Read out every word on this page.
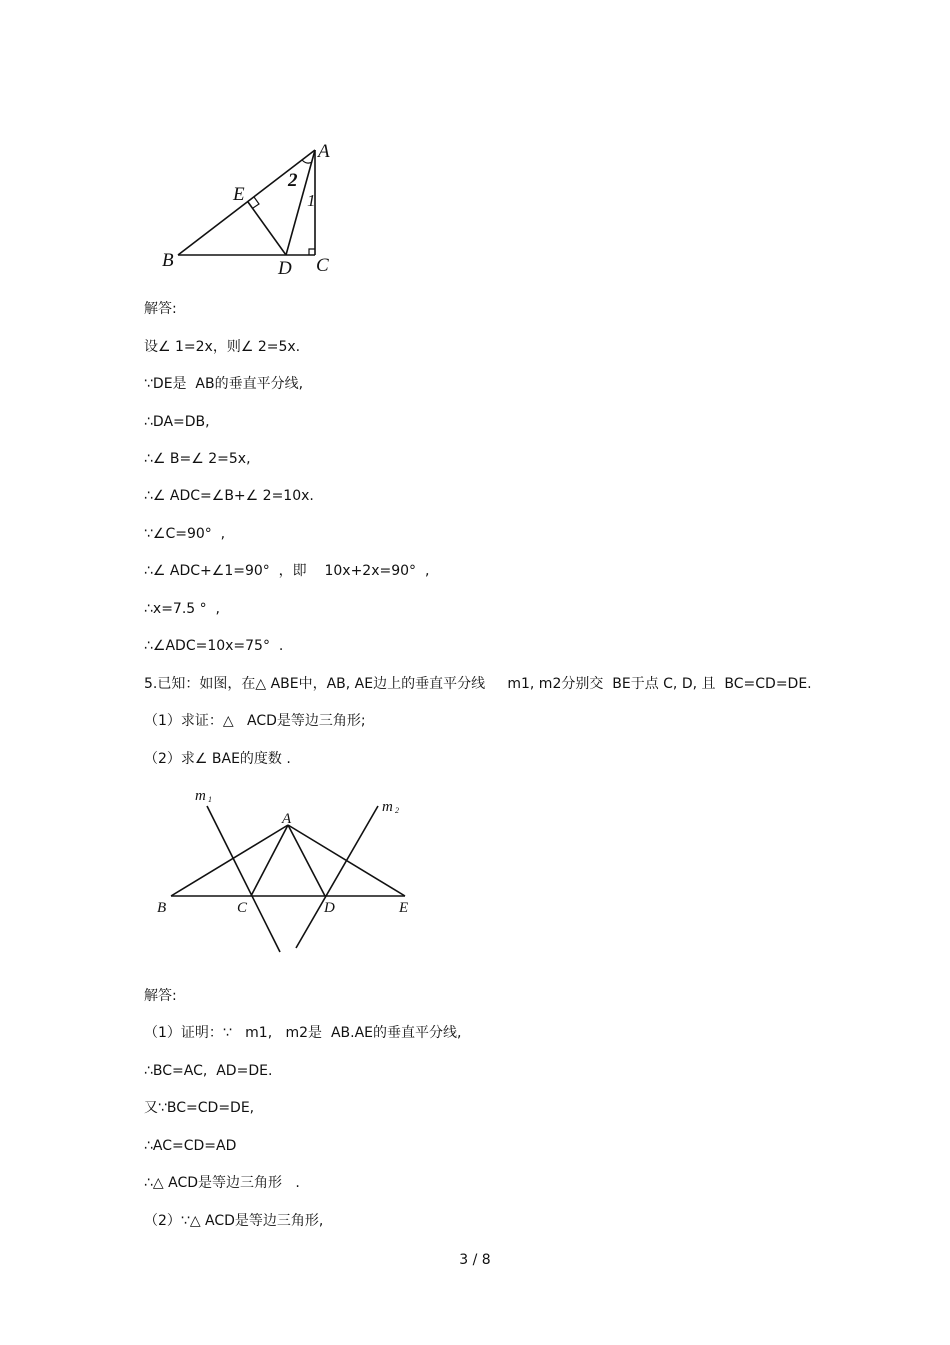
A
B	C
D
E	1
2
解答:
设∠ 1=2x，则∠ 2=5x.
∵DE是  AB的垂直平分线,
∴DA=DB,
∴∠ B=∠ 2=5x,
∴∠ ADC=∠B+∠ 2=10x.
∵∠C=90°  ,
∴∠ ADC+∠1=90°  ，即    10x+2x=90°  ,
∴x=7.5 °  ,
∴∠ADC=10x=75°  .
5.已知：如图，在△ ABE中，AB, AE边上的垂直平分线     m1, m2分别交  BE于点 C, D, 且  BC=CD=DE.
（1）求证：△   ACD是等边三角形;
（2）求∠ BAE的度数 .
m 1	m 2
A
B	C	D	E
解答:
（1）证明：∵   m1,   m2是  AB.AE的垂直平分线,
∴BC=AC,  AD=DE.
又∵BC=CD=DE,
∴AC=CD=AD
∴△ ACD是等边三角形   .
（2）∵△ ACD是等边三角形,
3 / 8
